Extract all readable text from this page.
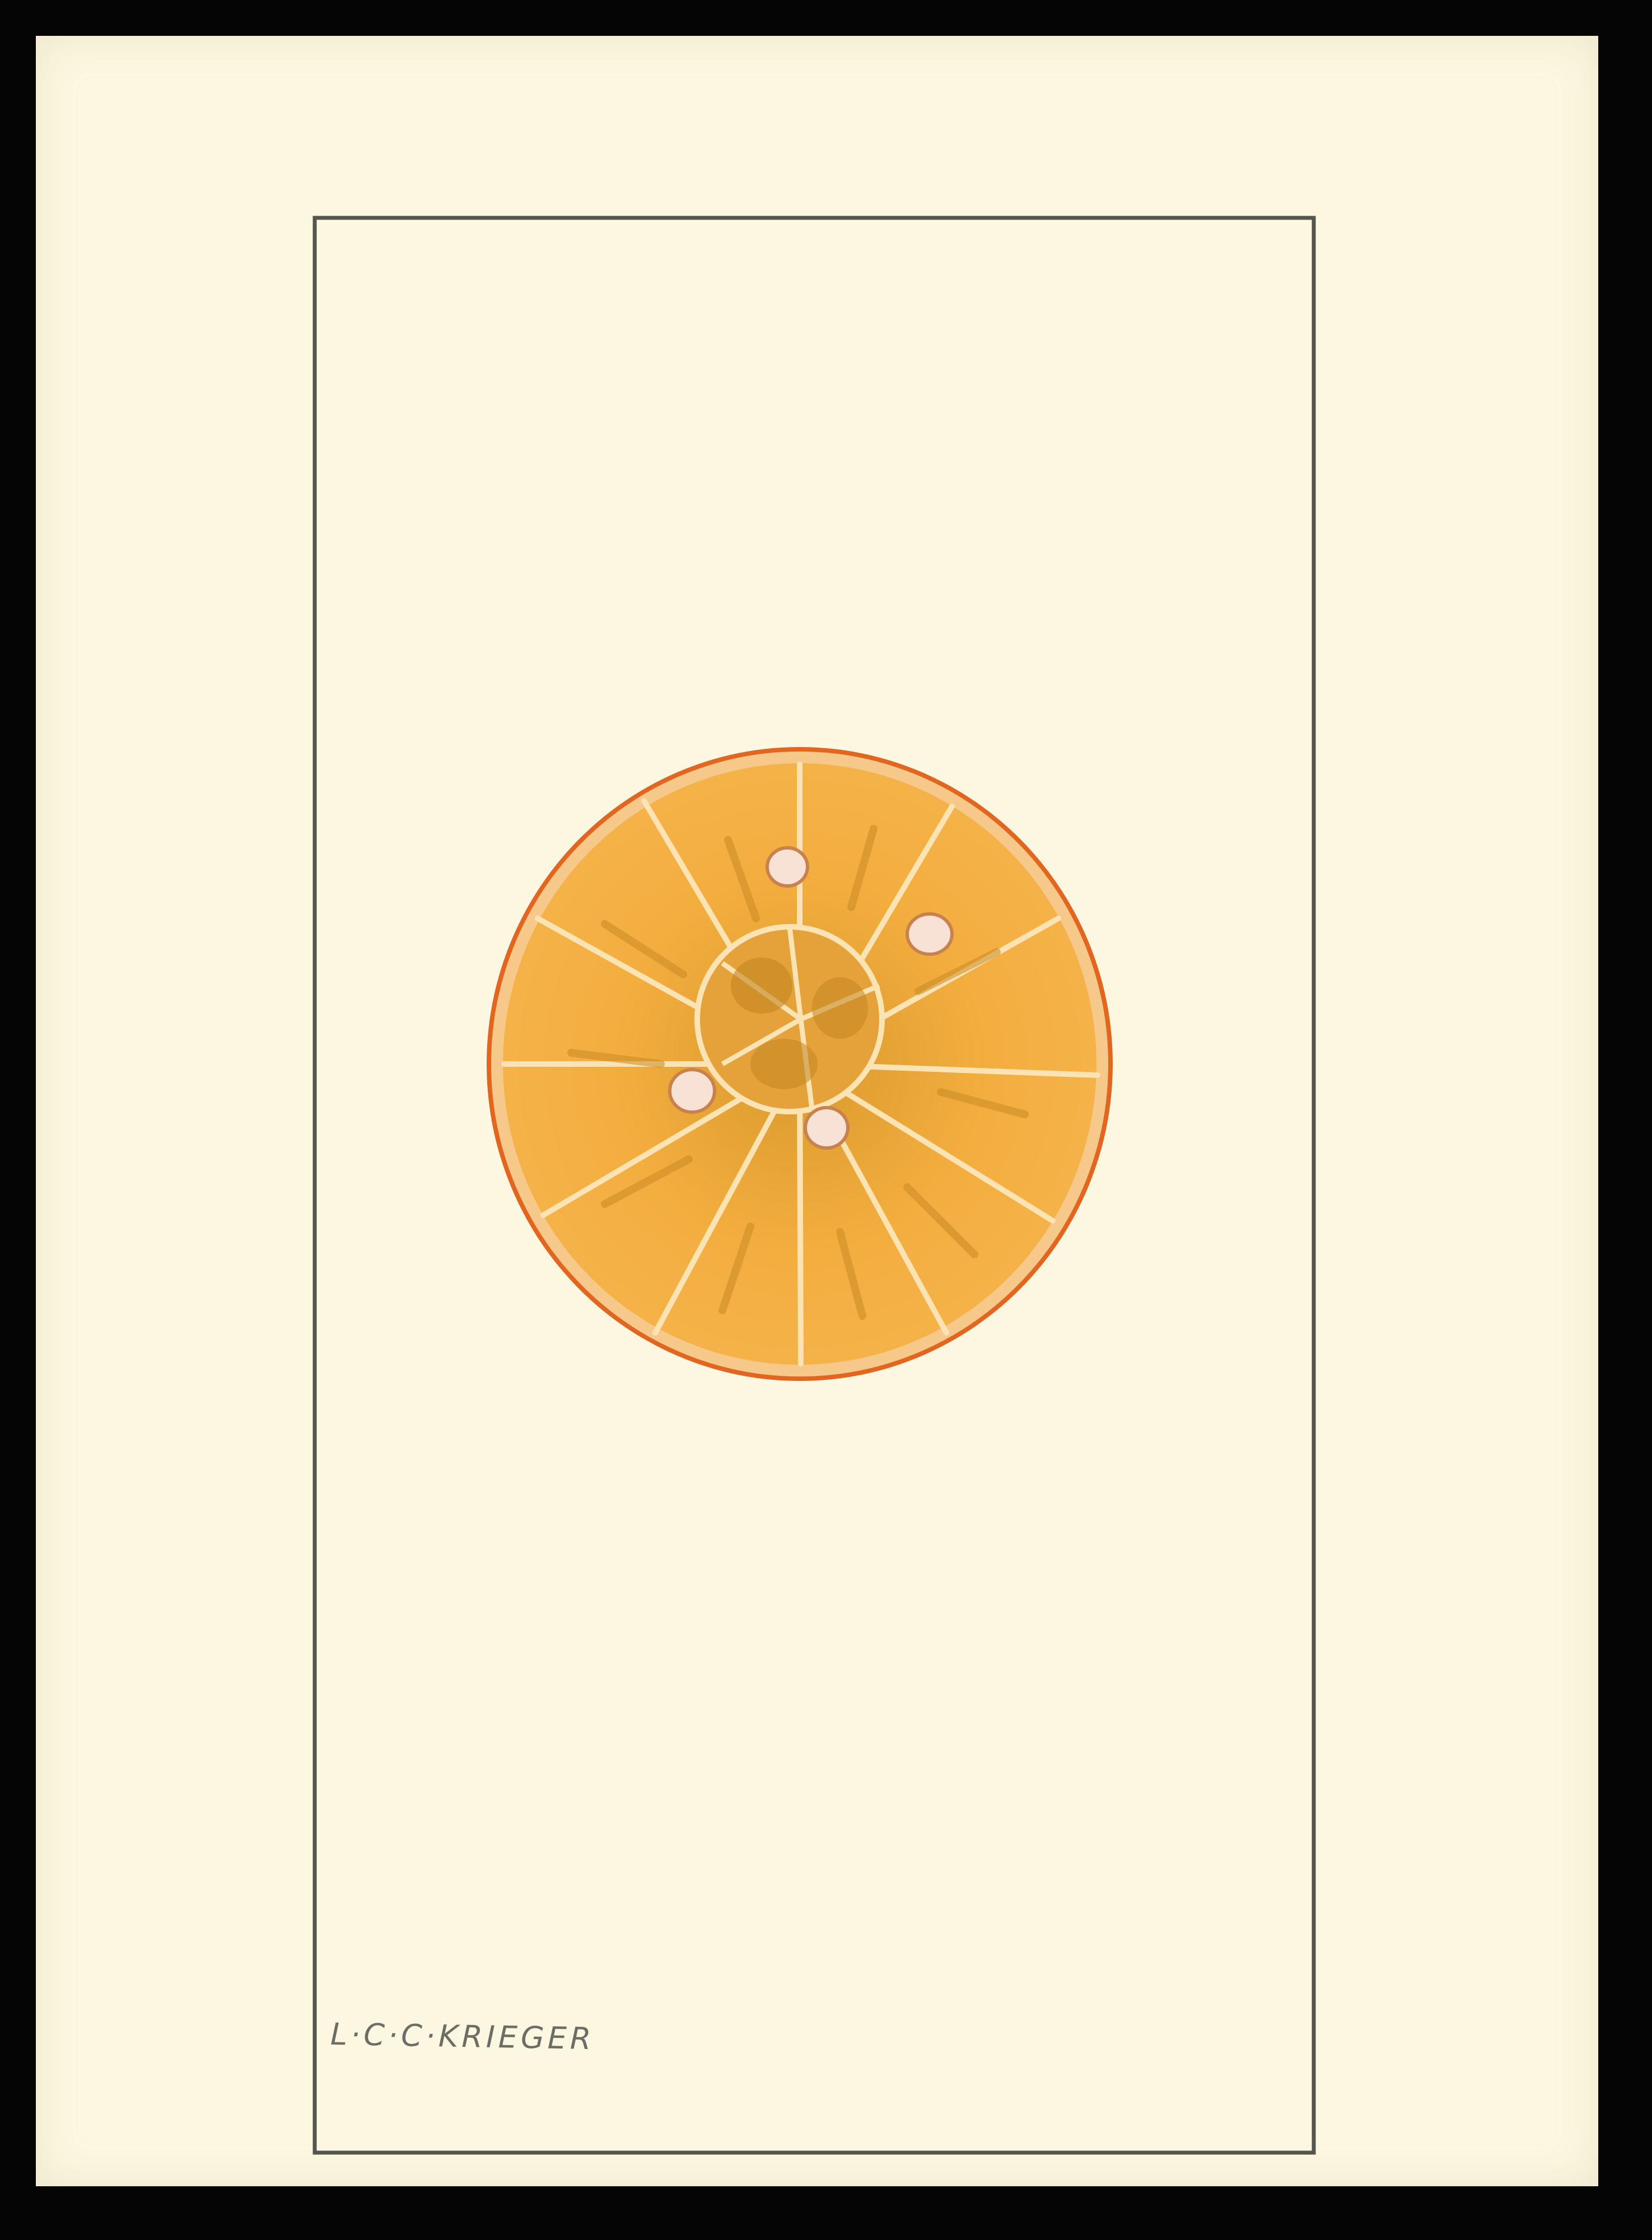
L·C·C·KRIEGER
